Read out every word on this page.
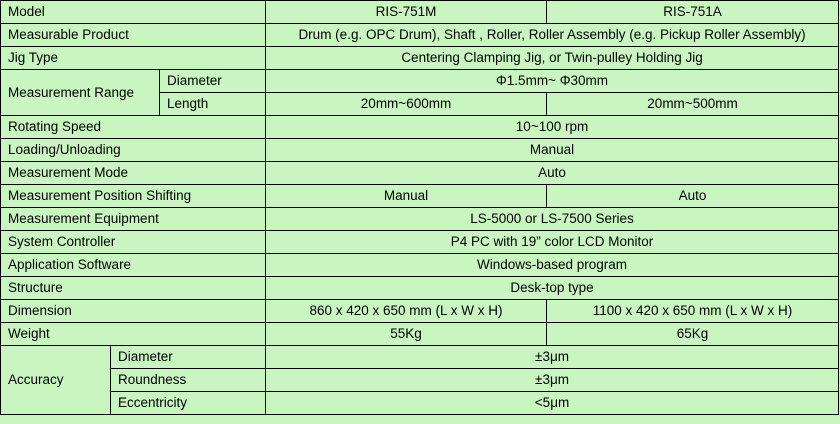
Model			RIS-751M	RIS-751A
Measurable Product			Drum (e.g. OPC Drum), Shaft , Roller, Roller Assembly (e.g. Pickup Roller Assembly)	
Jig Type			Centering Clamping Jig, or Twin-pulley Holding Jig	
Measurement Range		Diameter	Φ1.5mm~ Φ30mm	
		Length	20mm~600mm	20mm~500mm
Rotating Speed			10~100 rpm	
Loading/Unloading			Manual	
Measurement Mode			Auto	
Measurement Position Shifting			Manual	Auto
Measurement Equipment			LS-5000 or LS-7500 Series	
System Controller			P4 PC with 19” color LCD Monitor	
Application Software			Windows-based program	
Structure			Desk-top type	
Dimension			860 x 420 x 650 mm (L x W x H)	1100 x 420 x 650 mm (L x W x H)
Weight			55Kg	65Kg
Accuracy	Diameter		±3μm	
	Roundness		±3μm	
	Eccentricity		<5μm	
